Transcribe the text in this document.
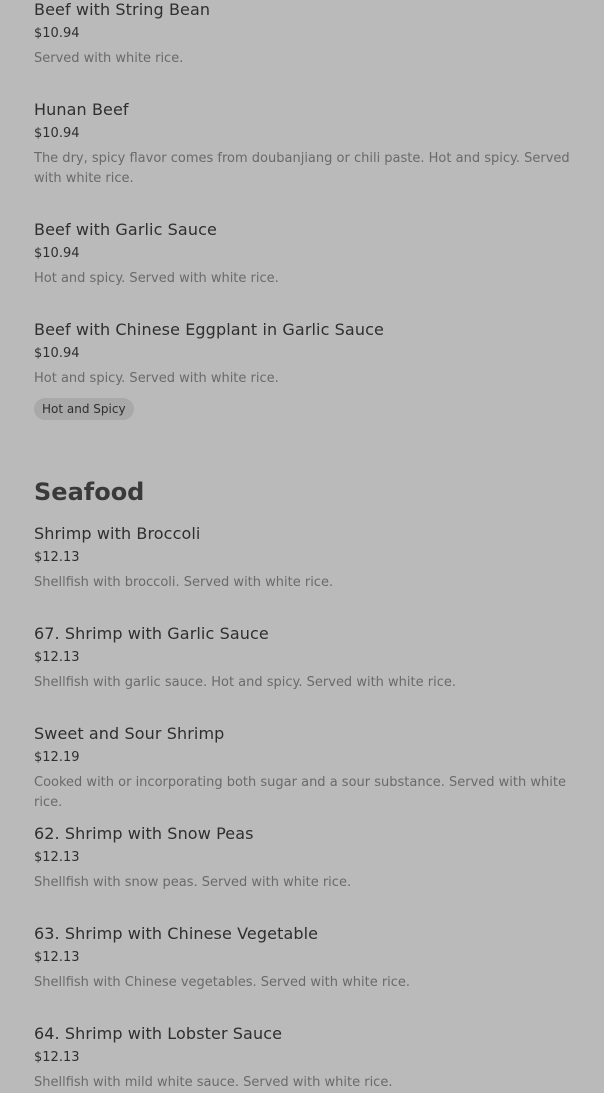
Beef with String Bean
$10.94
Served with white rice.
Hunan Beef
$10.94
The dry, spicy flavor comes from doubanjiang or chili paste. Hot and spicy. Served with white rice.
Beef with Garlic Sauce
$10.94
Hot and spicy. Served with white rice.
Beef with Chinese Eggplant in Garlic Sauce
$10.94
Hot and spicy. Served with white rice.
Hot and Spicy
Seafood
Shrimp with Broccoli
$12.13
Shellfish with broccoli. Served with white rice.
67. Shrimp with Garlic Sauce
$12.13
Shellfish with garlic sauce. Hot and spicy. Served with white rice.
Sweet and Sour Shrimp
$12.19
Cooked with or incorporating both sugar and a sour substance. Served with white rice.
62. Shrimp with Snow Peas
$12.13
Shellfish with snow peas. Served with white rice.
63. Shrimp with Chinese Vegetable
$12.13
Shellfish with Chinese vegetables. Served with white rice.
64. Shrimp with Lobster Sauce
$12.13
Shellfish with mild white sauce. Served with white rice.
